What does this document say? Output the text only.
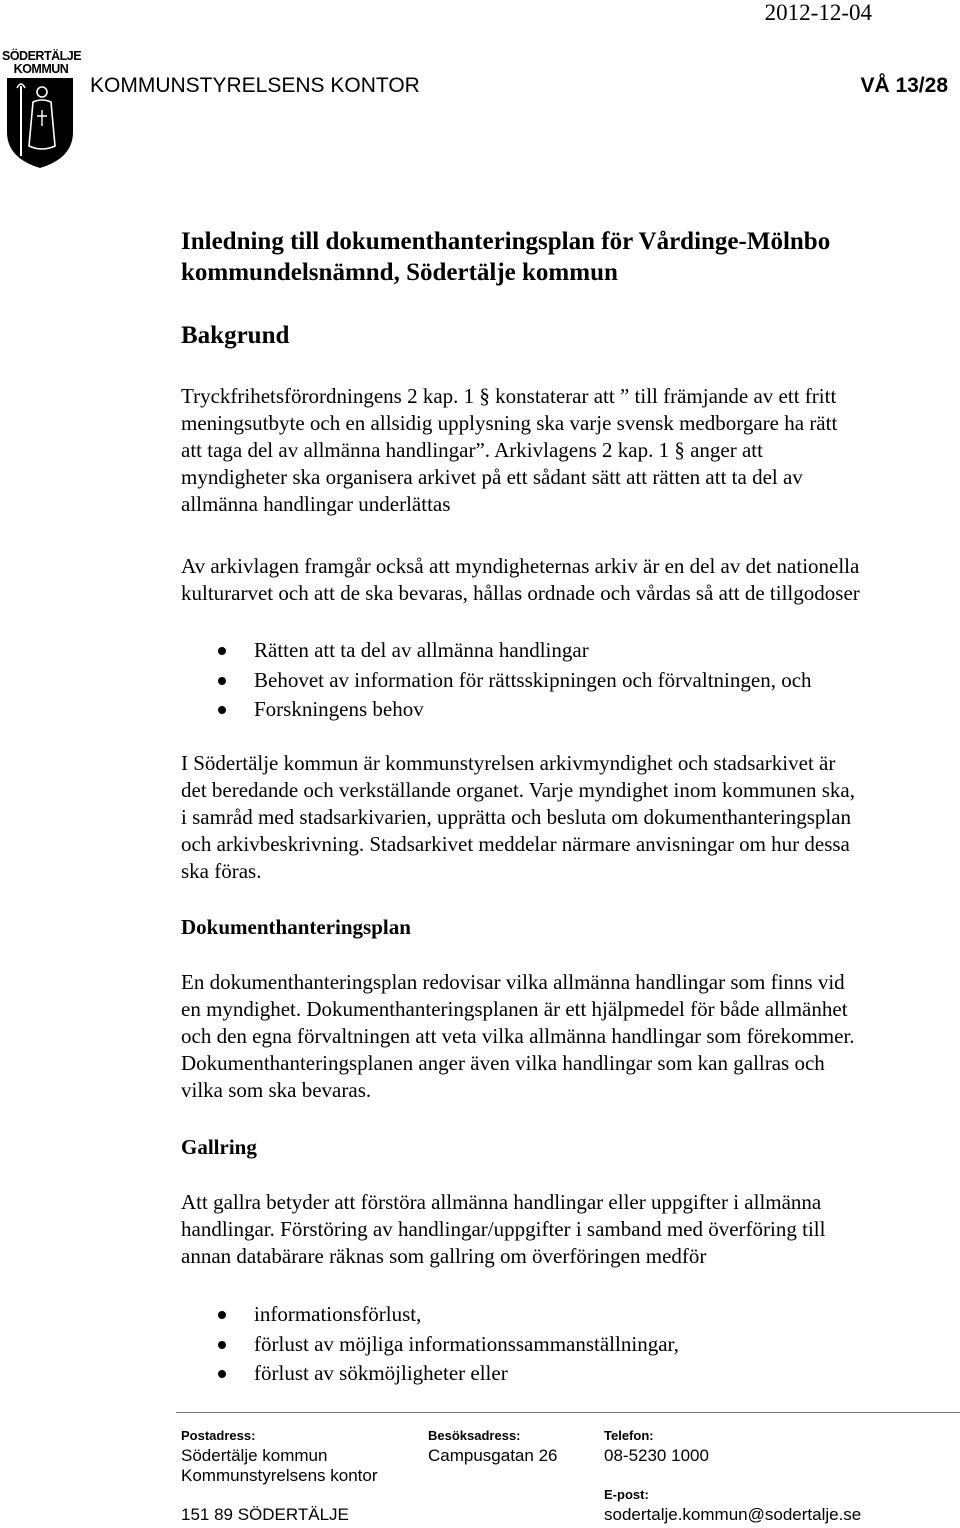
2012-12-04
SÖDERTÄLJE
KOMMUN
KOMMUNSTYRELSENS KONTOR	VÅ 13/28
Inledning till dokumenthanteringsplan för Vårdinge-Mölnbo
kommundelsnämnd, Södertälje kommun
Bakgrund
Tryckfrihetsförordningens 2 kap. 1 § konstaterar att ” till främjande av ett fritt
meningsutbyte och en allsidig upplysning ska varje svensk medborgare ha rätt
att taga del av allmänna handlingar”. Arkivlagens 2 kap. 1 § anger att
myndigheter ska organisera arkivet på ett sådant sätt att rätten att ta del av
allmänna handlingar underlättas
Av arkivlagen framgår också att myndigheternas arkiv är en del av det nationella
kulturarvet och att de ska bevaras, hållas ordnade och vårdas så att de tillgodoser
Rätten att ta del av allmänna handlingar
Behovet av information för rättsskipningen och förvaltningen, och
Forskningens behov
I Södertälje kommun är kommunstyrelsen arkivmyndighet och stadsarkivet är
det beredande och verkställande organet. Varje myndighet inom kommunen ska,
i samråd med stadsarkivarien, upprätta och besluta om dokumenthanteringsplan
och arkivbeskrivning. Stadsarkivet meddelar närmare anvisningar om hur dessa
ska föras.
Dokumenthanteringsplan
En dokumenthanteringsplan redovisar vilka allmänna handlingar som finns vid
en myndighet. Dokumenthanteringsplanen är ett hjälpmedel för både allmänhet
och den egna förvaltningen att veta vilka allmänna handlingar som förekommer.
Dokumenthanteringsplanen anger även vilka handlingar som kan gallras och
vilka som ska bevaras.
Gallring
Att gallra betyder att förstöra allmänna handlingar eller uppgifter i allmänna
handlingar. Förstöring av handlingar/uppgifter i samband med överföring till
annan databärare räknas som gallring om överföringen medför
informationsförlust,
förlust av möjliga informationssammanställningar,
förlust av sökmöjligheter eller
Postadress:
Södertälje kommun
Kommunstyrelsens kontor
151 89 SÖDERTÄLJE
Besöksadress:
Campusgatan 26
Telefon:
08-5230 1000
E-post:
sodertalje.kommun@sodertalje.se
